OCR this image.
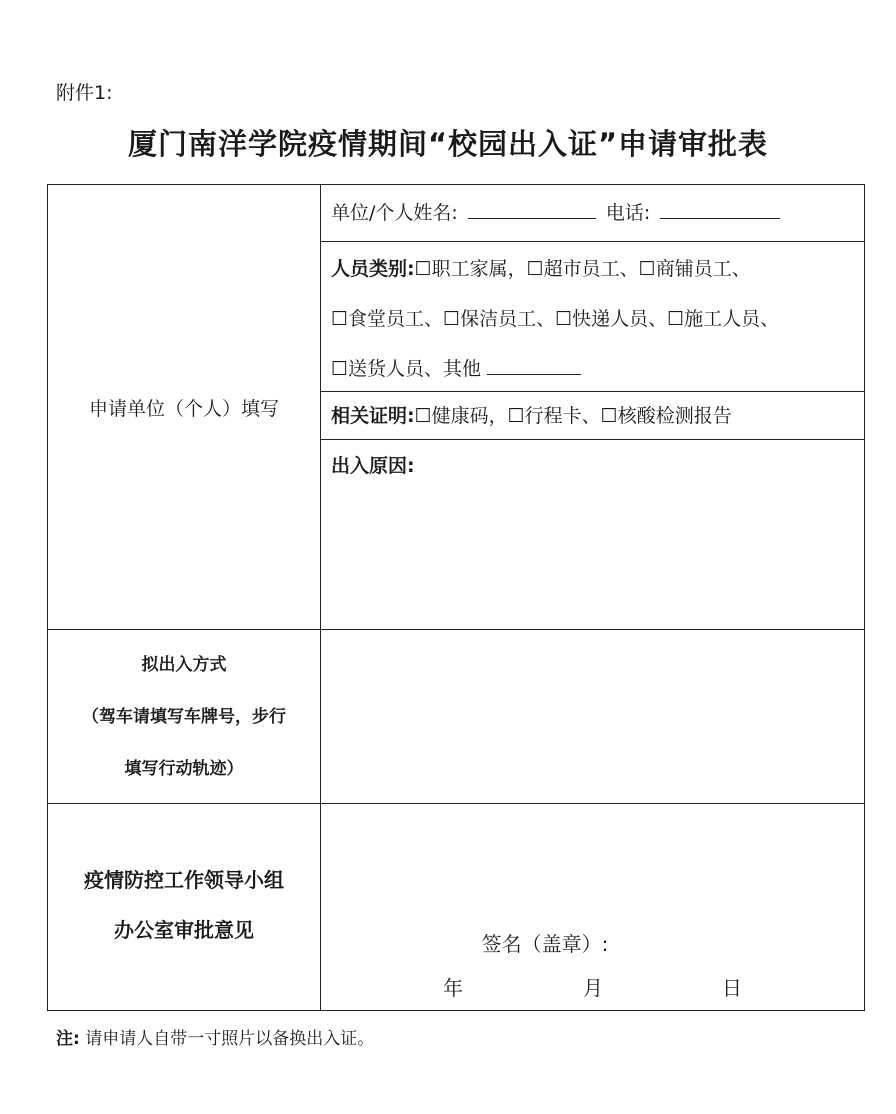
附件1:
厦门南洋学院疫情期间“校园出入证”申请审批表
申请单位（个人）填写
单位/个人姓名:	电话:
人员类别:☐职工家属，☐超市员工、☐商铺员工、
☐食堂员工、☐保洁员工、☐快递人员、☐施工人员、
☐送货人员、其他
相关证明:☐健康码，☐行程卡、☐核酸检测报告
出入原因:
拟出入方式
（驾车请填写车牌号，步行
填写行动轨迹）
疫情防控工作领导小组
办公室审批意见
签名（盖章）:
年	月	日
注: 请申请人自带一寸照片以备换出入证。
